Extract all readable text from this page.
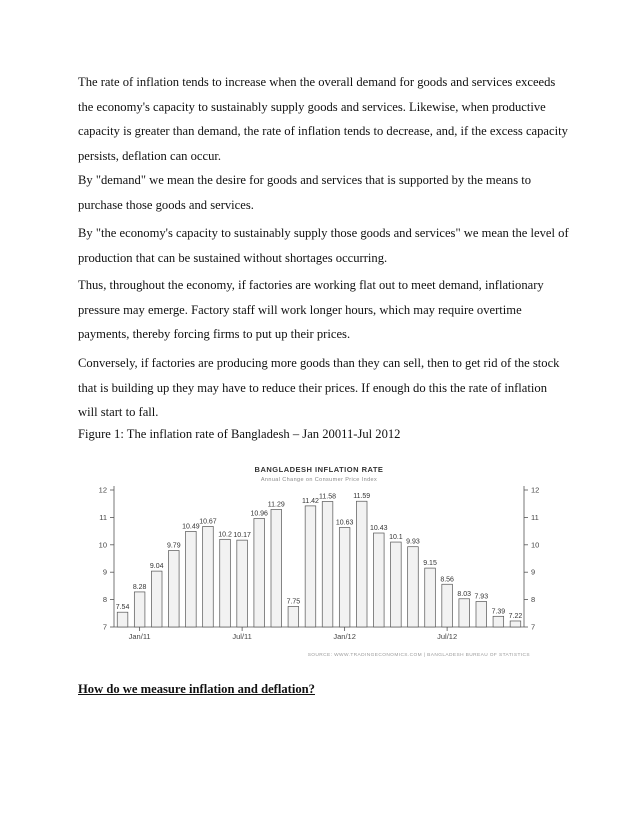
The rate of inflation tends to increase when the overall demand for goods and services exceeds
the economy's capacity to sustainably supply goods and services. Likewise, when productive
capacity is greater than demand, the rate of inflation tends to decrease, and, if the excess capacity
persists, deflation can occur.

By "demand" we mean the desire for goods and services that is supported by the means to
purchase those goods and services.

By "the economy's capacity to sustainably supply those goods and services" we mean the level of
production that can be sustained without shortages occurring.

Thus, throughout the economy, if factories are working flat out to meet demand, inflationary
pressure may emerge. Factory staff will work longer hours, which may require overtime
payments, thereby forcing firms to put up their prices.

Conversely, if factories are producing more goods than they can sell, then to get rid of the stock
that is building up they may have to reduce their prices. If enough do this the rate of inflation
will start to fall.

Figure 1: The inflation rate of Bangladesh – Jan 20011-Jul 2012
BANGLADESH INFLATION RATE
Annual Change on Consumer Price Index
7	7
8	8
9	9
10	10
11	11
12	12
7.54
8.28
9.04
9.79
10.49
10.67
10.2 10.17
10.96
11.29
7.75
11.42
11.58
10.63
11.59
10.43
10.1
9.93
9.15
8.56
8.03 7.93
7.39
7.22
Jan/11	Jul/11	Jan/12	Jul/12
SOURCE: WWW.TRADINGECONOMICS.COM | BANGLADESH BUREAU OF STATISTICS
How do we measure inflation and deflation?
